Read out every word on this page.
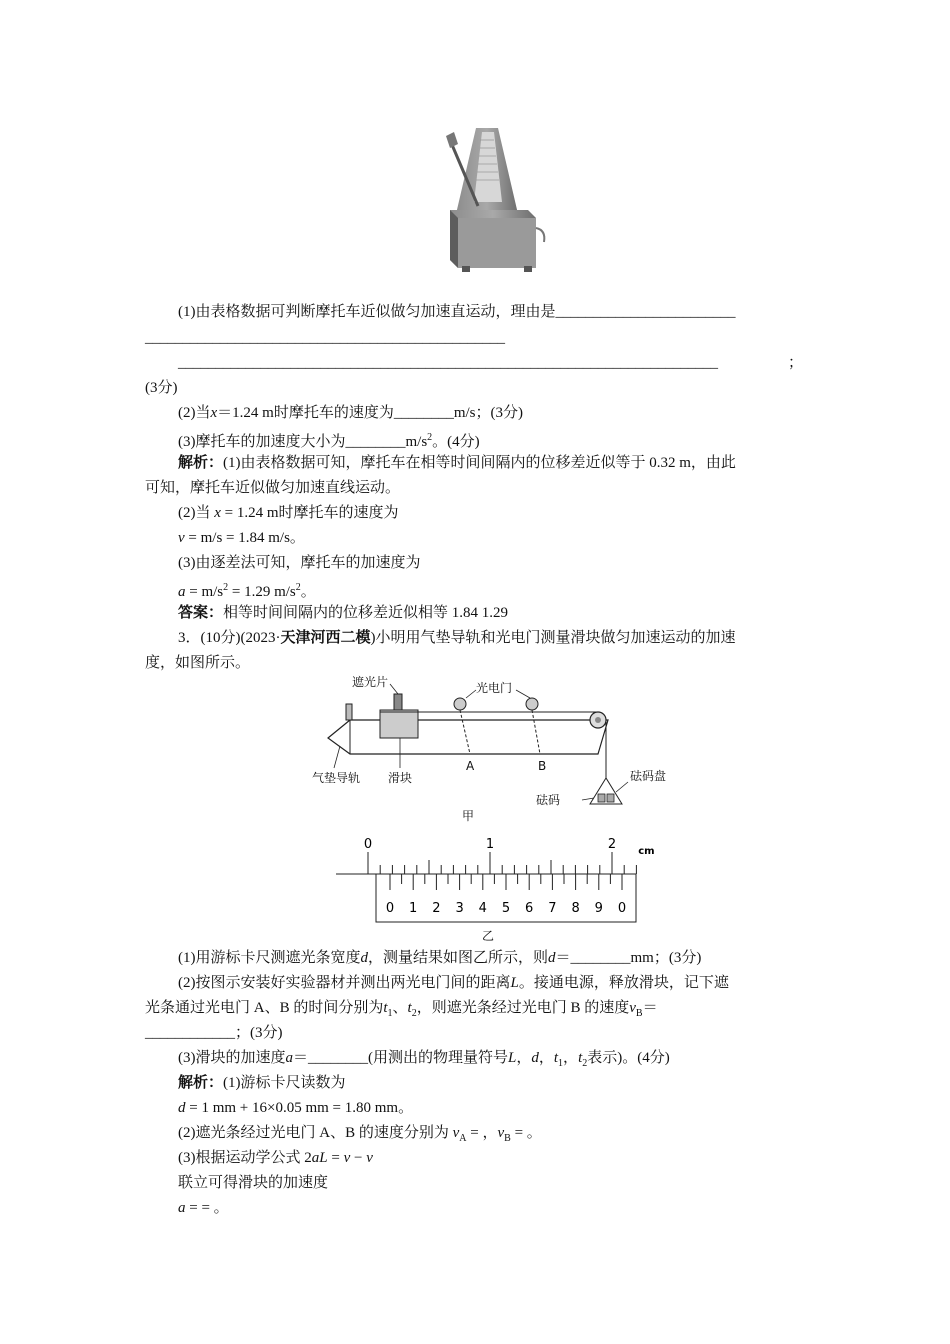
(1)由表格数据可判断摩托车近似做匀加速直运动，理由是________________________
________________________________________________
________________________________________________________________________	；
(3分)
(2)当x＝1.24 m时摩托车的速度为________m/s；(3分)
(3)摩托车的加速度大小为$\_\_\_\_\_\_\_\_m/s^2$。(4分)
解析：(1)由表格数据可知，摩托车在相等时间间隔内的位移差近似等于 0.32 m，由此
可知，摩托车近似做匀加速直线运动。
(2)当 x = 1.24 m时摩托车的速度为
v = m/s = 1.84 m/s。
(3)由逐差法可知，摩托车的加速度为
$a = m/s^2 = 1.29$ $m/s^2$。
答案：相等时间间隔内的位移差近似相等 1.84 1.29
3．(10分)(2023·天津河西二模)小明用气垫导轨和光电门测量滑块做匀加速运动的加速
度，如图所示。
遮光片	光电门
气垫导轨 滑块
A	B
砝码盘
砝码
甲
0	1	2 cm
0 1 2 3 4 5 6 7 8 9 0
乙
(1)用游标卡尺测遮光条宽度d，测量结果如图乙所示，则d＝________mm；(3分)
(2)按图示安装好实验器材并测出两光电门间的距离L。接通电源，释放滑块，记下遮
光条通过光电门 A、B 的时间分别为$t_1$、$t_2$，则遮光条经过光电门 B 的速度$v_B=$
____________；(3分)
(3)滑块的加速度a＝________(用测出的物理量符号L，d，$t_1$，$t_2$表示)。(4分)
解析：(1)游标卡尺读数为
d = 1 mm + 16×0.05 mm = 1.80 mm。
(2)遮光条经过光电门 A、B 的速度分别为 $v_A$ = ，$v_B$ = 。
(3)根据运动学公式 2aL = v − v
联立可得滑块的加速度
a = = 。
